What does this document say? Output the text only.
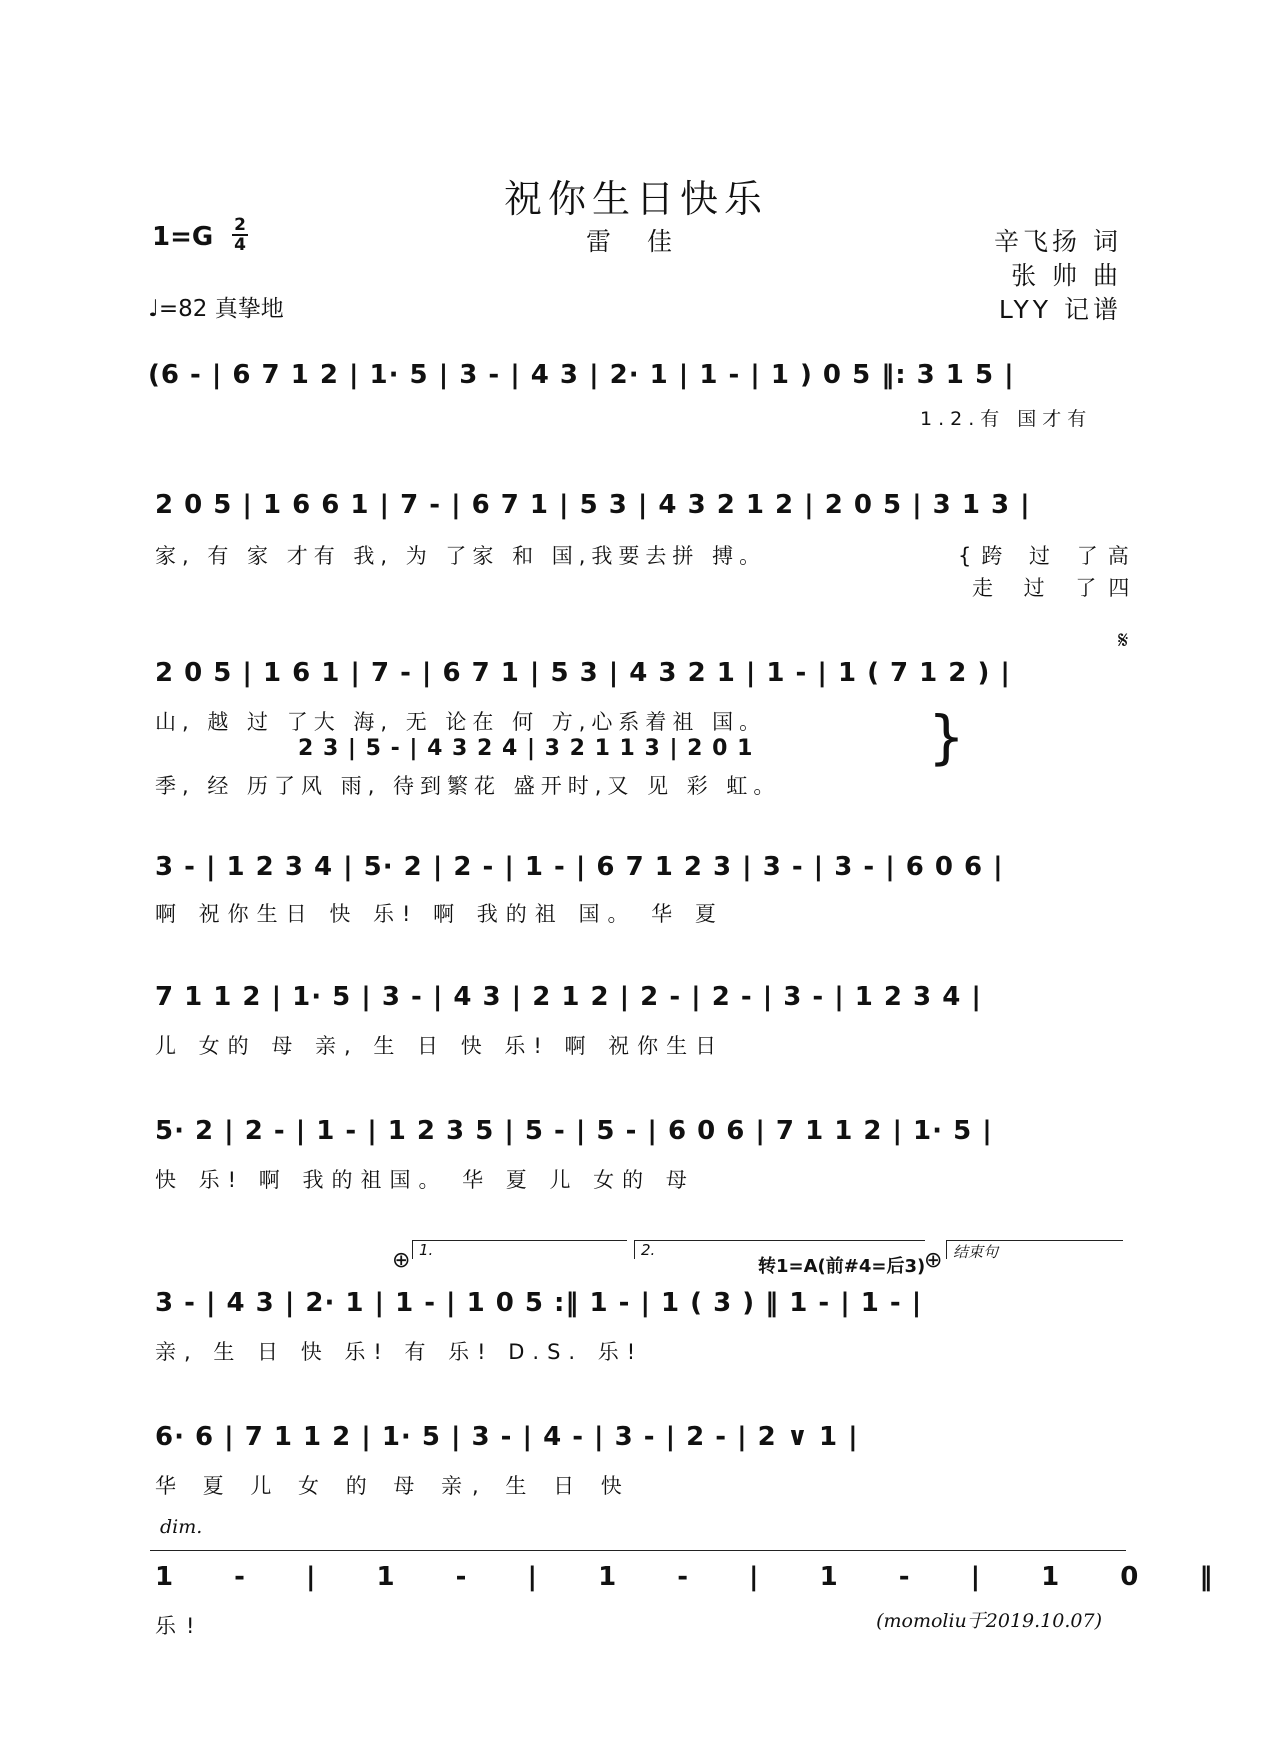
祝你生日快乐
雷 佳
1=G 2
4
♩=82 真挚地
辛飞扬 词
张 帅 曲
LYY 记谱
(6 - | 6 7 1 2 | 1· 5 | 3 - | 4 3 | 2· 1 | 1 - | 1 ) 0 5 ‖: 3 1 5 |
1.2.有 国才有
2 0 5 | 1 6 6 1 | 7 - | 6 7 1 | 5 3 | 4 3 2 1 2 | 2 0 5 | 3 1 3 |
家, 有 家 才有 我, 为 了家 和 国,我要去拼 搏。	{跨 过 了高
走 过 了四
𝄋
2 0 5 | 1 6 1 | 7 - | 6 7 1 | 5 3 | 4 3 2 1 | 1 - | 1 ( 7 1 2 ) |
山, 越 过 了大 海, 无 论在 何 方,心系着祖 国。
2 3 | 5 - | 4 3 2 4 | 3 2 1 1 3 | 2 0 1
季, 经 历了风 雨, 待到繁花 盛开时,又 见 彩 虹。
}
3 - | 1 2 3 4 | 5· 2 | 2 - | 1 - | 6 7 1 2 3 | 3 - | 3 - | 6 0 6 |
啊 祝你生日 快 乐! 啊 我的祖 国。 华 夏
7 1 1 2 | 1· 5 | 3 - | 4 3 | 2 1 2 | 2 - | 2 - | 3 - | 1 2 3 4 |
儿 女的 母 亲, 生 日 快 乐! 啊 祝你生日
5· 2 | 2 - | 1 - | 1 2 3 5 | 5 - | 5 - | 6 0 6 | 7 1 1 2 | 1· 5 |
快 乐! 啊 我的祖国。 华 夏 儿 女的 母
1.	2.
转1=A(前#4=后3)
结束句
⊕	⊕
3 - | 4 3 | 2· 1 | 1 - | 1 0 5 :‖ 1 - | 1 ( 3 ) ‖ 1 - | 1 - |
亲, 生 日 快 乐! 有 乐! D.S. 乐!
6· 6 | 7 1 1 2 | 1· 5 | 3 - | 4 - | 3 - | 2 - | 2 ∨ 1 |
华 夏 儿 女 的 母 亲, 生 日 快
dim.
1 - | 1 - | 1 - | 1 - | 1 0 ‖
乐!	(momoliu于2019.10.07)
